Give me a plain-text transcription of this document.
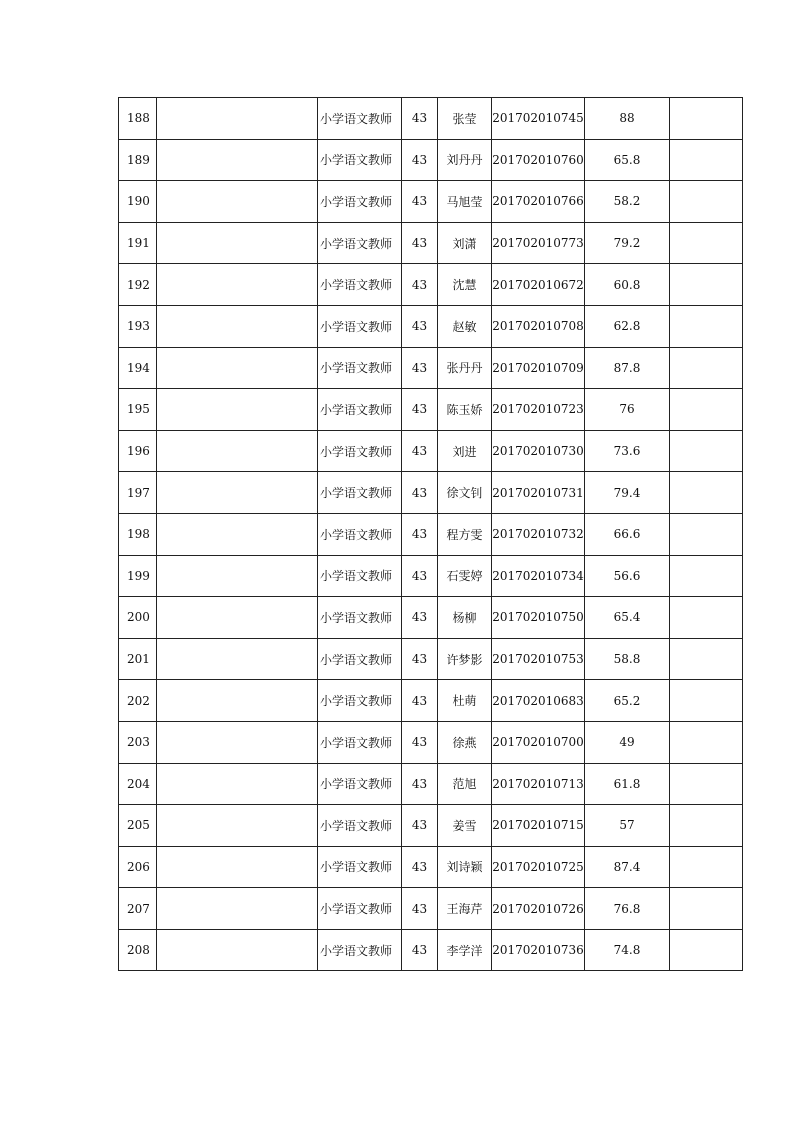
188		小学语文教师	43	张莹	201702010745	88	
189		小学语文教师	43	刘丹丹	201702010760	65.8	
190		小学语文教师	43	马旭莹	201702010766	58.2	
191		小学语文教师	43	刘潇	201702010773	79.2	
192		小学语文教师	43	沈慧	201702010672	60.8	
193		小学语文教师	43	赵敏	201702010708	62.8	
194		小学语文教师	43	张丹丹	201702010709	87.8	
195		小学语文教师	43	陈玉娇	201702010723	76	
196		小学语文教师	43	刘进	201702010730	73.6	
197		小学语文教师	43	徐文钊	201702010731	79.4	
198		小学语文教师	43	程方雯	201702010732	66.6	
199		小学语文教师	43	石雯婷	201702010734	56.6	
200		小学语文教师	43	杨柳	201702010750	65.4	
201		小学语文教师	43	许梦影	201702010753	58.8	
202		小学语文教师	43	杜萌	201702010683	65.2	
203		小学语文教师	43	徐燕	201702010700	49	
204		小学语文教师	43	范旭	201702010713	61.8	
205		小学语文教师	43	姜雪	201702010715	57	
206		小学语文教师	43	刘诗颖	201702010725	87.4	
207		小学语文教师	43	王海芹	201702010726	76.8	
208		小学语文教师	43	李学洋	201702010736	74.8	
